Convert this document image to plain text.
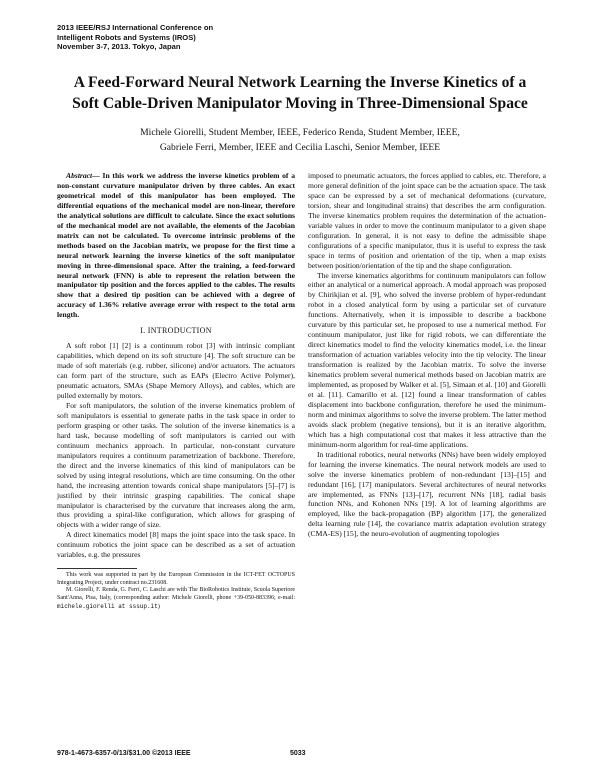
2013 IEEE/RSJ International Conference on
Intelligent Robots and Systems (IROS)
November 3-7, 2013. Tokyo, Japan
A Feed-Forward Neural Network Learning the Inverse Kinetics of a
Soft Cable-Driven Manipulator Moving in Three-Dimensional Space
Michele Giorelli, Student Member, IEEE, Federico Renda, Student Member, IEEE,
Gabriele Ferri, Member, IEEE and Cecilia Laschi, Senior Member, IEEE

Abstract— In this work we address the inverse kinetics problem of a non-constant curvature manipulator driven by three cables. An exact geometrical model of this manipulator has been employed. The differential equations of the mechanical model are non-linear, therefore the analytical solutions are difficult to calculate. Since the exact solutions of the mechanical model are not available, the elements of the Jacobian matrix can not be calculated. To overcome intrinsic problems of the methods based on the Jacobian matrix, we propose for the first time a neural network learning the inverse kinetics of the soft manipulator moving in three-dimensional space. After the training, a feed-forward neural network (FNN) is able to represent the relation between the manipulator tip position and the forces applied to the cables. The results show that a desired tip position can be achieved with a degree of accuracy of 1.36% relative average error with respect to the total arm length.

I. INTRODUCTION

A soft robot [1] [2] is a continuum robot [3] with intrinsic compliant capabilities, which depend on its soft structure [4]. The soft structure can be made of soft materials (e.g. rubber, silicone) and/or actuators. The actuators can form part of the structure, such as EAPs (Electro Active Polymer), pneumatic actuators, SMAs (Shape Memory Alloys), and cables, which are pulled externally by motors.

For soft manipulators, the solution of the inverse kinematics problem of soft manipulators is essential to generate paths in the task space in order to perform grasping or other tasks. The solution of the inverse kinematics is a hard task, because modelling of soft manipulators is carried out with continuum mechanics approach. In particular, non-constant curvature manipulators requires a continuum parametrization of backbone. Therefore, the direct and the inverse kinematics of this kind of manipulators can be solved by using integral resolutions, which are time consuming. On the other hand, the increasing attention towards conical shape manipulators [5]–[7] is justified by their intrinsic grasping capabilities. The conical shape manipulator is characterised by the curvature that increases along the arm, thus providing a spiral-like configuration, which allows for grasping of objects with a wider range of size.

A direct kinematics model [8] maps the joint space into the task space. In continuum robotics the joint space can be described as a set of actuation variables, e.g. the pressures

This work was supported in part by the European Commission in the ICT-FET OCTOPUS Integrating Project, under contract no.231608.

M. Giorelli, F. Renda, G. Ferri, C. Laschi are with The BioRobotics Institute, Scuola Superiore Sant'Anna, Pisa, Italy, (corresponding author: Michele Giorelli, phone +39-050-883396; e-mail: michele.giorelli at sssup.it)

imposed to pneumatic actuators, the forces applied to cables, etc. Therefore, a more general definition of the joint space can be the actuation space. The task space can be expressed by a set of mechanical deformations (curvature, torsion, shear and longitudinal strains) that describes the arm configuration. The inverse kinematics problem requires the determination of the actuation-variable values in order to move the continuum manipulator to a given shape configuration. In general, it is not easy to define the admissible shape configurations of a specific manipulator, thus it is useful to express the task space in terms of position and orientation of the tip, when a map exists between position/orientation of the tip and the shape configuration.

The inverse kinematics algorithms for continuum manipulators can follow either an analytical or a numerical approach. A modal approach was proposed by Chirikjian et al. [9], who solved the inverse problem of hyper-redundant robot in a closed analytical form by using a particular set of curvature functions. Alternatively, when it is impossible to describe a backbone curvature by this particular set, he proposed to use a numerical method. For continuum manipulator, just like for rigid robots, we can differentiate the direct kinematics model to find the velocity kinematics model, i.e. the linear transformation of actuation variables velocity into the tip velocity. The linear transformation is realized by the Jacobian matrix. To solve the inverse kinematics problem several numerical methods based on Jacobian matrix are implemented, as proposed by Walker et al. [5], Simaan et al. [10] and Giorelli et al. [11]. Camarillo et al. [12] found a linear transformation of cables displacement into backbone configuration, therefore he used the minimum-norm and minimax algorithms to solve the inverse problem. The latter method avoids slack problem (negative tensions), but it is an iterative algorithm, which has a high computational cost that makes it less attractive than the minimum-norm algorithm for real-time applications.

In traditional robotics, neural networks (NNs) have been widely employed for learning the inverse kinematics. The neural network models are used to solve the inverse kinematics problem of non-redundant [13]–[15] and redundant [16], [17] manipulators. Several architectures of neural networks are implemented, as FNNs [13]–[17], recurrent NNs [18], radial basis function NNs, and Kohonen NNs [19]. A lot of learning algorithms are employed, like the back-propagation (BP) algorithm [17], the generalized delta learning rule [14], the covariance matrix adaptation evolution strategy (CMA-ES) [15], the neuro-evolution of augmenting topologies

978-1-4673-6357-0/13/$31.00 ©2013 IEEE	5033
